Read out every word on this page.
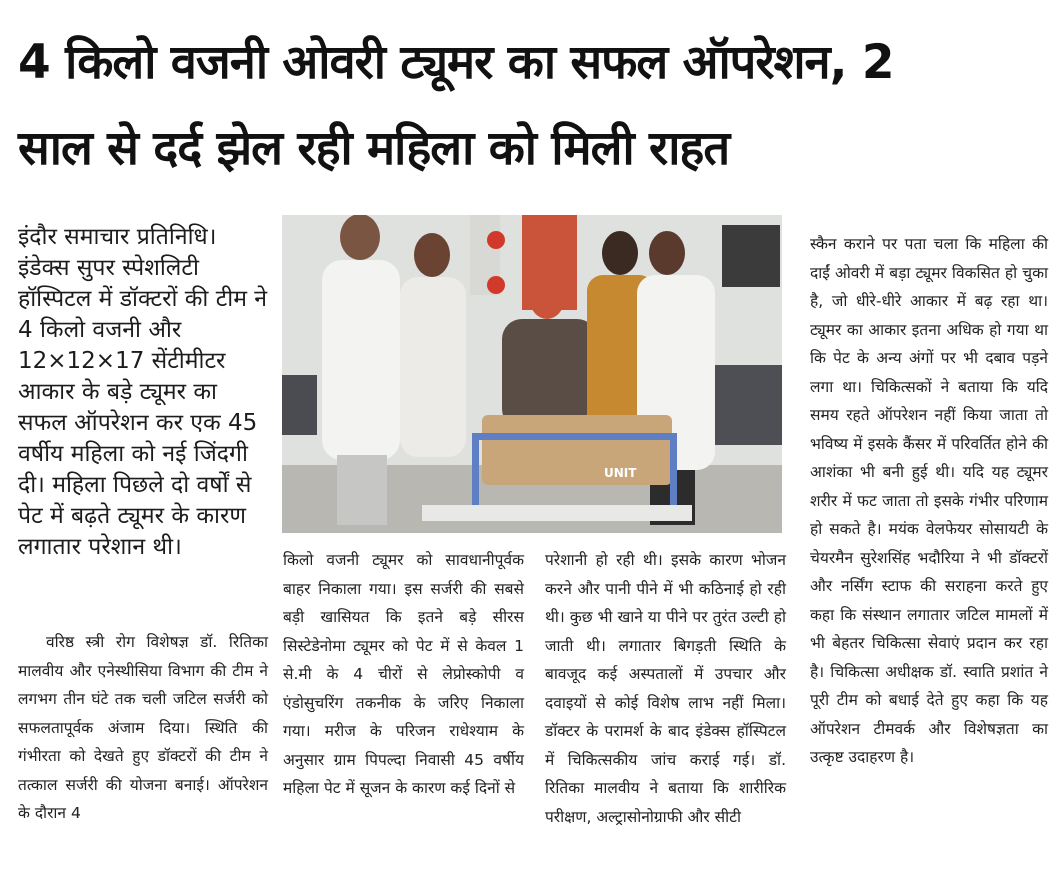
4 किलो वजनी ओवरी ट्यूमर का सफल ऑपरेशन, 2
साल से दर्द झेल रही महिला को मिली राहत

इंदौर समाचार प्रतिनिधि। इंडेक्स सुपर स्पेशलिटी हॉस्पिटल में डॉक्टरों की टीम ने 4 किलो वजनी और 12×12×17 सेंटीमीटर आकार के बड़े ट्यूमर का सफल ऑपरेशन कर एक 45 वर्षीय महिला को नई जिंदगी दी। महिला पिछले दो वर्षों से पेट में बढ़ते ट्यूमर के कारण लगातार परेशान थी।

UNIT

वरिष्ठ स्त्री रोग विशेषज्ञ डॉ. रितिका मालवीय और एनेस्थीसिया विभाग की टीम ने लगभग तीन घंटे तक चली जटिल सर्जरी को सफलतापूर्वक अंजाम दिया। स्थिति की गंभीरता को देखते हुए डॉक्टरों की टीम ने तत्काल सर्जरी की योजना बनाई। ऑपरेशन के दौरान 4

किलो वजनी ट्यूमर को सावधानीपूर्वक बाहर निकाला गया। इस सर्जरी की सबसे बड़ी खासियत कि इतने बड़े सीरस सिस्टेडेनोमा ट्यूमर को पेट में से केवल 1 से.मी के 4 चीरों से लेप्रोस्कोपी व एंडोसुचरिंग तकनीक के जरिए निकाला गया। मरीज के परिजन राधेश्याम के अनुसार ग्राम पिपल्दा निवासी 45 वर्षीय महिला पेट में सूजन के कारण कई दिनों से

परेशानी हो रही थी। इसके कारण भोजन करने और पानी पीने में भी कठिनाई हो रही थी। कुछ भी खाने या पीने पर तुरंत उल्टी हो जाती थी। लगातार बिगड़ती स्थिति के बावजूद कई अस्पतालों में उपचार और दवाइयों से कोई विशेष लाभ नहीं मिला। डॉक्टर के परामर्श के बाद इंडेक्स हॉस्पिटल में चिकित्सकीय जांच कराई गई। डॉ. रितिका मालवीय ने बताया कि शारीरिक परीक्षण, अल्ट्रासोनोग्राफी और सीटी

स्कैन कराने पर पता चला कि महिला की दाईं ओवरी में बड़ा ट्यूमर विकसित हो चुका है, जो धीरे-धीरे आकार में बढ़ रहा था। ट्यूमर का आकार इतना अधिक हो गया था कि पेट के अन्य अंगों पर भी दबाव पड़ने लगा था। चिकित्सकों ने बताया कि यदि समय रहते ऑपरेशन नहीं किया जाता तो भविष्य में इसके कैंसर में परिवर्तित होने की आशंका भी बनी हुई थी। यदि यह ट्यूमर शरीर में फट जाता तो इसके गंभीर परिणाम हो सकते है। मयंक वेलफेयर सोसायटी के चेयरमैन सुरेशसिंह भदौरिया ने भी डॉक्टरों और नर्सिंग स्टाफ की सराहना करते हुए कहा कि संस्थान लगातार जटिल मामलों में भी बेहतर चिकित्सा सेवाएं प्रदान कर रहा है। चिकित्सा अधीक्षक डॉ. स्वाति प्रशांत ने पूरी टीम को बधाई देते हुए कहा कि यह ऑपरेशन टीमवर्क और विशेषज्ञता का उत्कृष्ट उदाहरण है।
